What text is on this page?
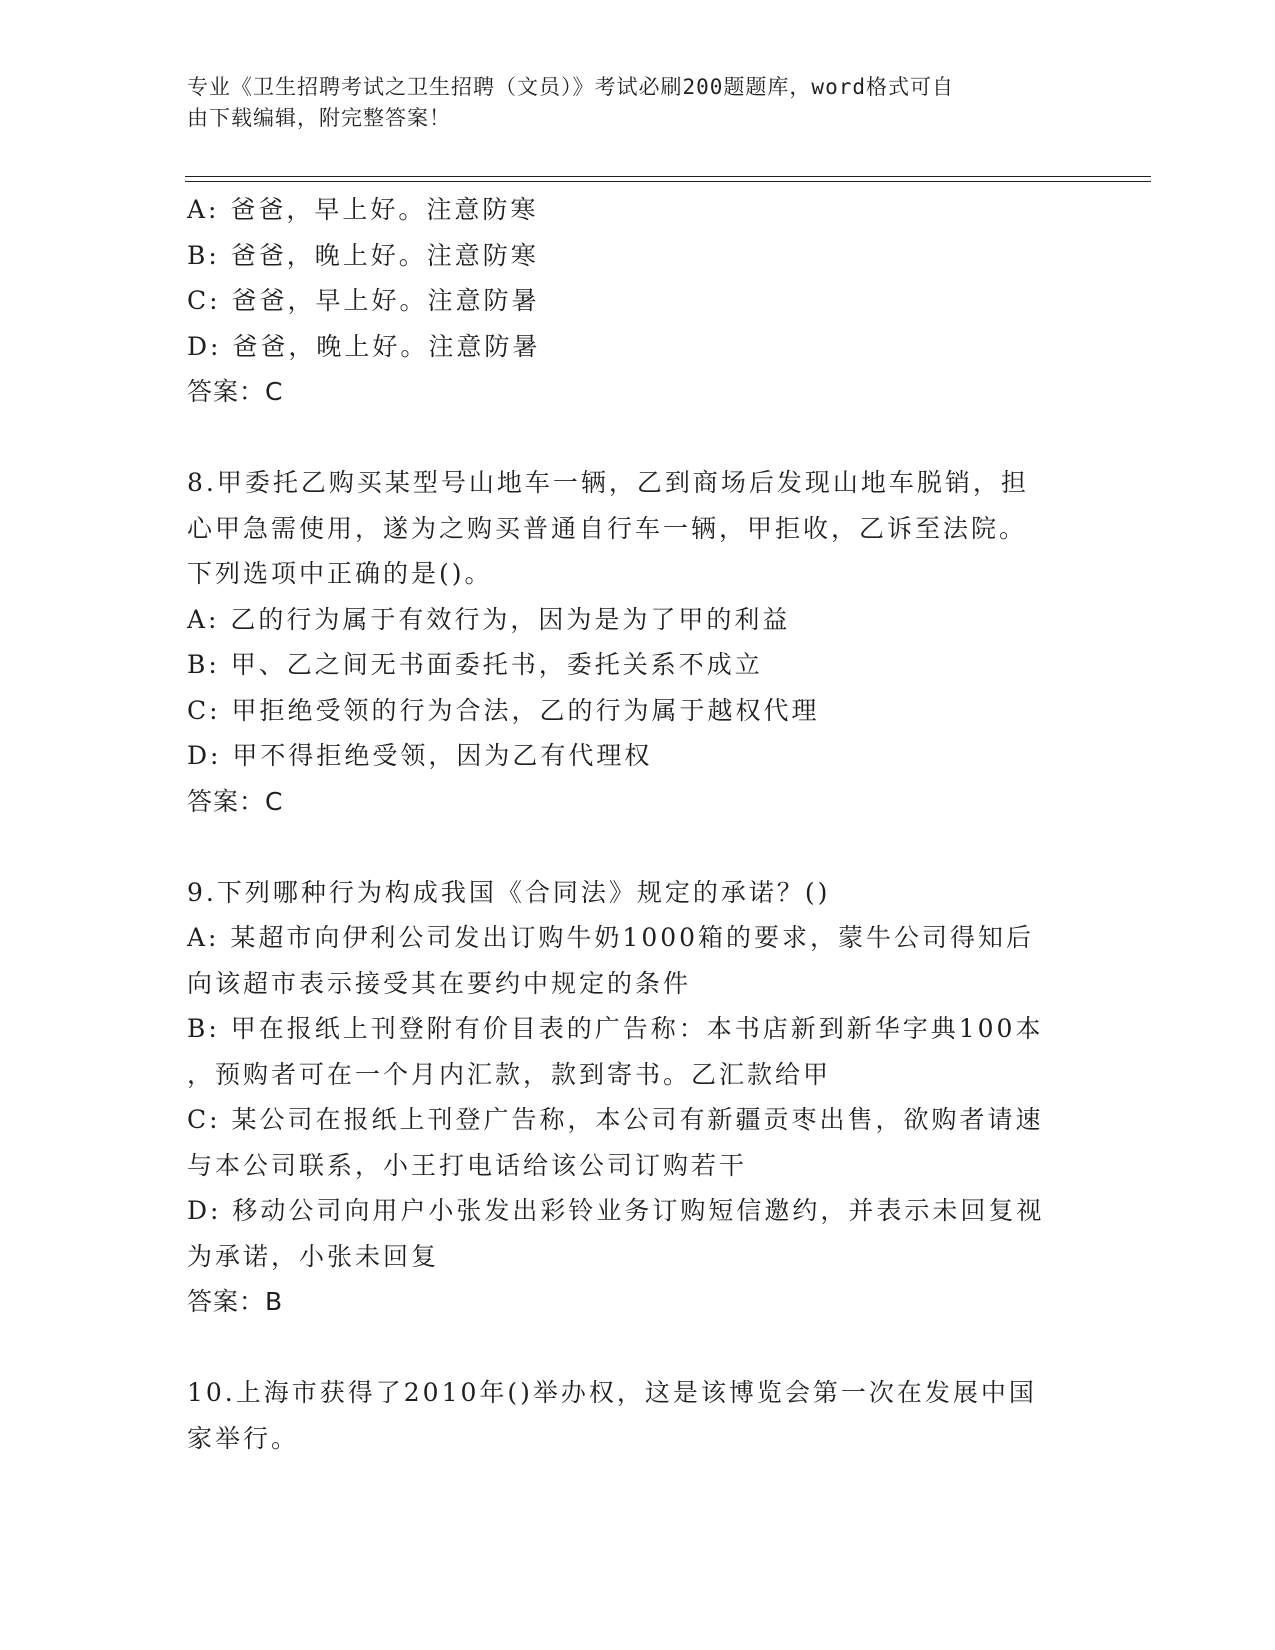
专业《卫生招聘考试之卫生招聘（文员）》考试必刷200题题库，word格式可自
由下载编辑，附完整答案！
A: 爸爸，早上好。注意防寒
B: 爸爸，晚上好。注意防寒
C: 爸爸，早上好。注意防暑
D: 爸爸，晚上好。注意防暑
答案：C
8.甲委托乙购买某型号山地车一辆，乙到商场后发现山地车脱销，担
心甲急需使用，遂为之购买普通自行车一辆，甲拒收，乙诉至法院。
下列选项中正确的是()。
A: 乙的行为属于有效行为，因为是为了甲的利益
B: 甲、乙之间无书面委托书，委托关系不成立
C: 甲拒绝受领的行为合法，乙的行为属于越权代理
D: 甲不得拒绝受领，因为乙有代理权
答案：C
9.下列哪种行为构成我国《合同法》规定的承诺？()
A: 某超市向伊利公司发出订购牛奶1000箱的要求，蒙牛公司得知后
向该超市表示接受其在要约中规定的条件
B: 甲在报纸上刊登附有价目表的广告称：本书店新到新华字典100本
，预购者可在一个月内汇款，款到寄书。乙汇款给甲
C: 某公司在报纸上刊登广告称，本公司有新疆贡枣出售，欲购者请速
与本公司联系，小王打电话给该公司订购若干
D: 移动公司向用户小张发出彩铃业务订购短信邀约，并表示未回复视
为承诺，小张未回复
答案：B
10.上海市获得了2010年()举办权，这是该博览会第一次在发展中国
家举行。
